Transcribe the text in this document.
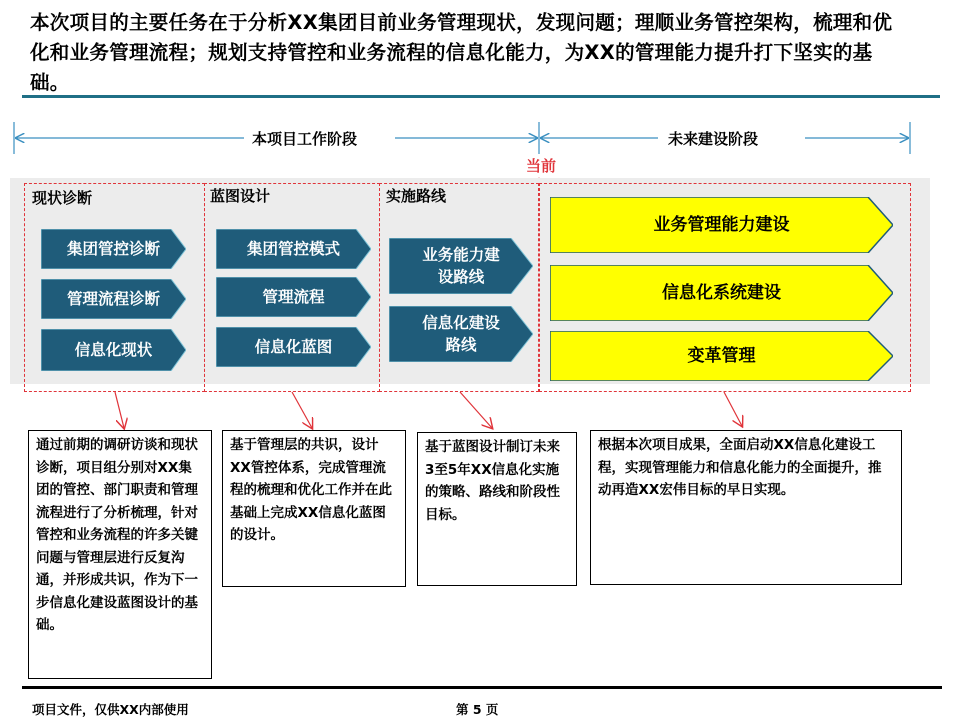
本次项目的主要任务在于分析XX集团目前业务管理现状，发现问题；理顺业务管控架构，梳理和优化和业务管理流程；规划支持管控和业务流程的信息化能力，为XX的管理能力提升打下坚实的基础。
本项目工作阶段	未来建设阶段
当前
现状诊断	蓝图设计	实施路线
集团管控诊断
管理流程诊断
信息化现状
集团管控模式
管理流程
信息化蓝图
业务能力建设路线
信息化建设路线
业务管理能力建设
信息化系统建设
变革管理
通过前期的调研访谈和现状诊断，项目组分别对XX集团的管控、部门职责和管理流程进行了分析梳理，针对管控和业务流程的许多关键问题与管理层进行反复沟通，并形成共识，作为下一步信息化建设蓝图设计的基础。
基于管理层的共识，设计XX管控体系，完成管理流程的梳理和优化工作并在此基础上完成XX信息化蓝图的设计。
基于蓝图设计制订未来3至5年XX信息化实施的策略、路线和阶段性目标。
根据本次项目成果，全面启动XX信息化建设工程，实现管理能力和信息化能力的全面提升，推动再造XX宏伟目标的早日实现。
项目文件，仅供XX内部使用	第 5 页
